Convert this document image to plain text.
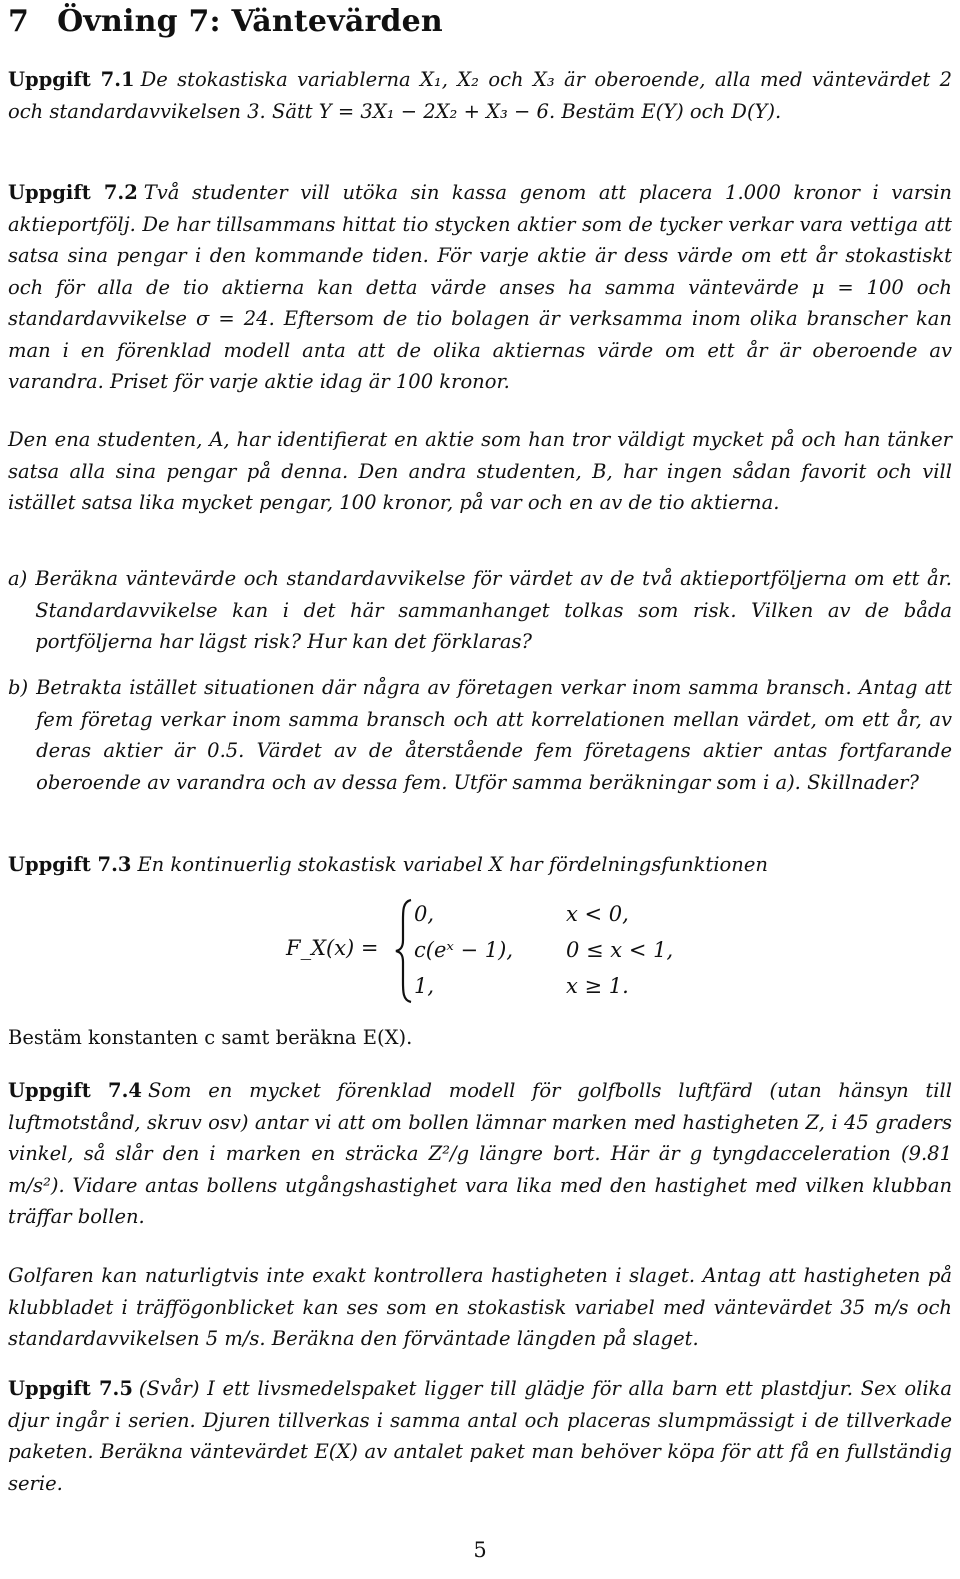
7 Övning 7: Väntevärden

Uppgift 7.1 De stokastiska variablerna X₁, X₂ och X₃ är oberoende, alla med väntevärdet 2 och standardavvikelsen 3. Sätt Y = 3X₁ − 2X₂ + X₃ − 6. Bestäm E(Y) och D(Y).

Uppgift 7.2 Två studenter vill utöka sin kassa genom att placera 1.000 kronor i varsin aktieportfölj. De har tillsammans hittat tio stycken aktier som de tycker verkar vara vettiga att satsa sina pengar i den kommande tiden. För varje aktie är dess värde om ett år stokastiskt och för alla de tio aktierna kan detta värde anses ha samma väntevärde μ = 100 och standardavvikelse σ = 24. Eftersom de tio bolagen är verksamma inom olika branscher kan man i en förenklad modell anta att de olika aktiernas värde om ett år är oberoende av varandra. Priset för varje aktie idag är 100 kronor.

Den ena studenten, A, har identifierat en aktie som han tror väldigt mycket på och han tänker satsa alla sina pengar på denna. Den andra studenten, B, har ingen sådan favorit och vill istället satsa lika mycket pengar, 100 kronor, på var och en av de tio aktierna.

a) Beräkna väntevärde och standardavvikelse för värdet av de två aktieportföljerna om ett år. Standardavvikelse kan i det här sammanhanget tolkas som risk. Vilken av de båda portföljerna har lägst risk? Hur kan det förklaras?

b) Betrakta istället situationen där några av företagen verkar inom samma bransch. Antag att fem företag verkar inom samma bransch och att korrelationen mellan värdet, om ett år, av deras aktier är 0.5. Värdet av de återstående fem företagens aktier antas fortfarande oberoende av varandra och av dessa fem. Utför samma beräkningar som i a). Skillnader?

Uppgift 7.3 En kontinuerlig stokastisk variabel X har fördelningsfunktionen

F_X(x) =
0,	x < 0,
c(eˣ − 1),	0 ≤ x < 1,
1,	x ≥ 1.

Bestäm konstanten c samt beräkna E(X).

Uppgift 7.4 Som en mycket förenklad modell för golfbolls luftfärd (utan hänsyn till luftmotstånd, skruv osv) antar vi att om bollen lämnar marken med hastigheten Z, i 45 graders vinkel, så slår den i marken en sträcka Z²/g längre bort. Här är g tyngdacceleration (9.81 m/s²). Vidare antas bollens utgångshastighet vara lika med den hastighet med vilken klubban träffar bollen.

Golfaren kan naturligtvis inte exakt kontrollera hastigheten i slaget. Antag att hastigheten på klubbladet i träffögonblicket kan ses som en stokastisk variabel med väntevärdet 35 m/s och standardavvikelsen 5 m/s. Beräkna den förväntade längden på slaget.

Uppgift 7.5 (Svår) I ett livsmedelspaket ligger till glädje för alla barn ett plastdjur. Sex olika djur ingår i serien. Djuren tillverkas i samma antal och placeras slumpmässigt i de tillverkade paketen. Beräkna väntevärdet E(X) av antalet paket man behöver köpa för att få en fullständig serie.

5
